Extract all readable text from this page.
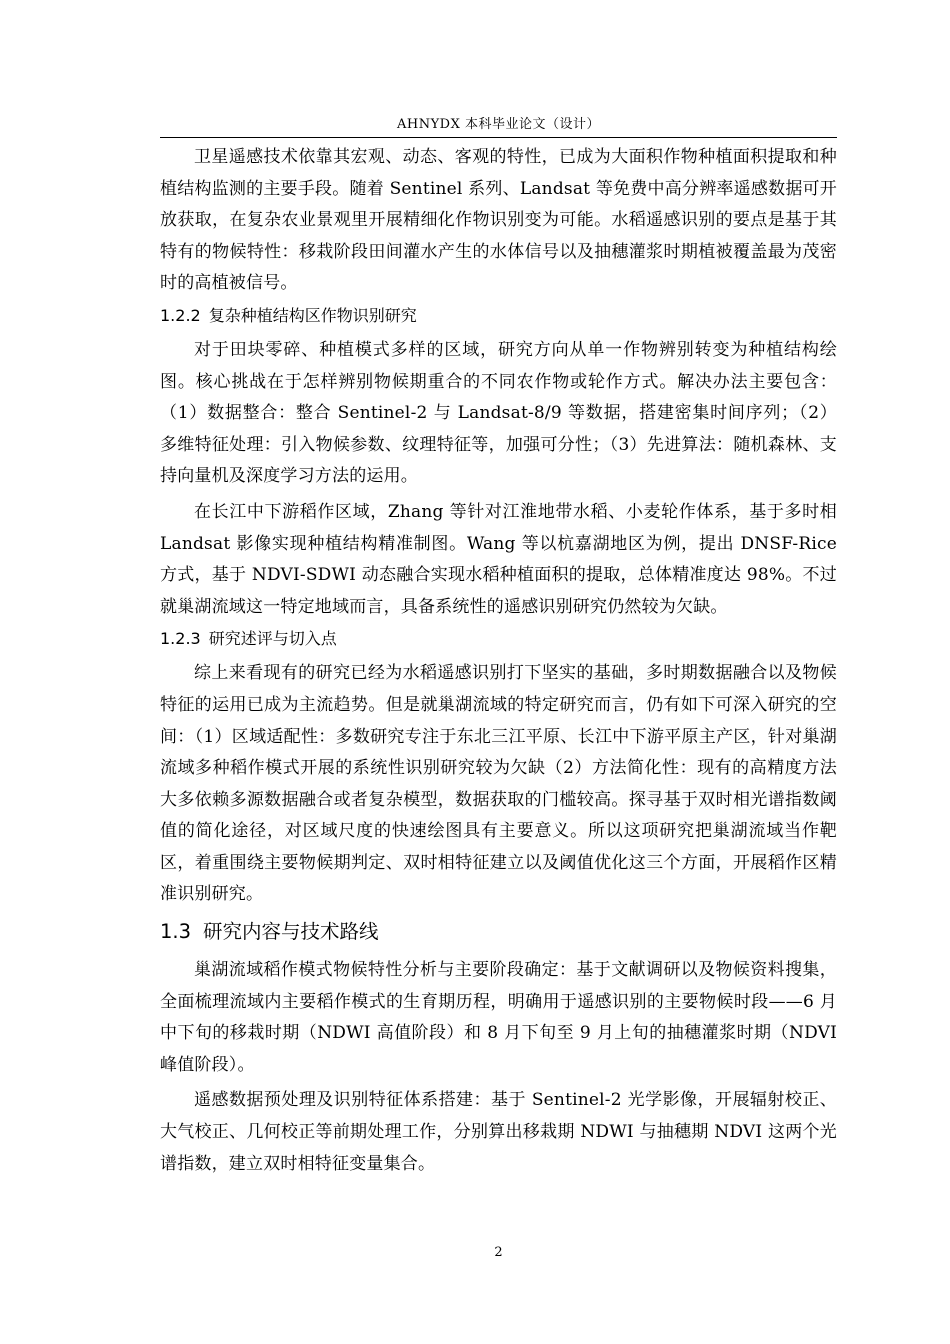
AHNYDX 本科毕业论文（设计）

卫星遥感技术依靠其宏观、动态、客观的特性，已成为大面积作物种植面积提取和种植结构监测的主要手段。随着 Sentinel 系列、Landsat 等免费中高分辨率遥感数据可开放获取，在复杂农业景观里开展精细化作物识别变为可能。水稻遥感识别的要点是基于其特有的物候特性：移栽阶段田间灌水产生的水体信号以及抽穗灌浆时期植被覆盖最为茂密时的高植被信号。

1.2.2 复杂种植结构区作物识别研究

对于田块零碎、种植模式多样的区域，研究方向从单一作物辨别转变为种植结构绘图。核心挑战在于怎样辨别物候期重合的不同农作物或轮作方式。解决办法主要包含：（1）数据整合：整合 Sentinel-2 与 Landsat-8/9 等数据，搭建密集时间序列；（2）多维特征处理：引入物候参数、纹理特征等，加强可分性；（3）先进算法：随机森林、支持向量机及深度学习方法的运用。

在长江中下游稻作区域，Zhang 等针对江淮地带水稻、小麦轮作体系，基于多时相 Landsat 影像实现种植结构精准制图。Wang 等以杭嘉湖地区为例，提出 DNSF-Rice 方式，基于 NDVI-SDWI 动态融合实现水稻种植面积的提取，总体精准度达 98%。不过就巢湖流域这一特定地域而言，具备系统性的遥感识别研究仍然较为欠缺。

1.2.3 研究述评与切入点

综上来看现有的研究已经为水稻遥感识别打下坚实的基础，多时期数据融合以及物候特征的运用已成为主流趋势。但是就巢湖流域的特定研究而言，仍有如下可深入研究的空间：（1）区域适配性：多数研究专注于东北三江平原、长江中下游平原主产区，针对巢湖流域多种稻作模式开展的系统性识别研究较为欠缺（2）方法简化性：现有的高精度方法大多依赖多源数据融合或者复杂模型，数据获取的门槛较高。探寻基于双时相光谱指数阈值的简化途径，对区域尺度的快速绘图具有主要意义。所以这项研究把巢湖流域当作靶区，着重围绕主要物候期判定、双时相特征建立以及阈值优化这三个方面，开展稻作区精准识别研究。

1.3 研究内容与技术路线

巢湖流域稻作模式物候特性分析与主要阶段确定：基于文献调研以及物候资料搜集，全面梳理流域内主要稻作模式的生育期历程，明确用于遥感识别的主要物候时段——6 月中下旬的移栽时期（NDWI 高值阶段）和 8 月下旬至 9 月上旬的抽穗灌浆时期（NDVI 峰值阶段）。

遥感数据预处理及识别特征体系搭建：基于 Sentinel-2 光学影像，开展辐射校正、大气校正、几何校正等前期处理工作，分别算出移栽期 NDWI 与抽穗期 NDVI 这两个光谱指数，建立双时相特征变量集合。

2
